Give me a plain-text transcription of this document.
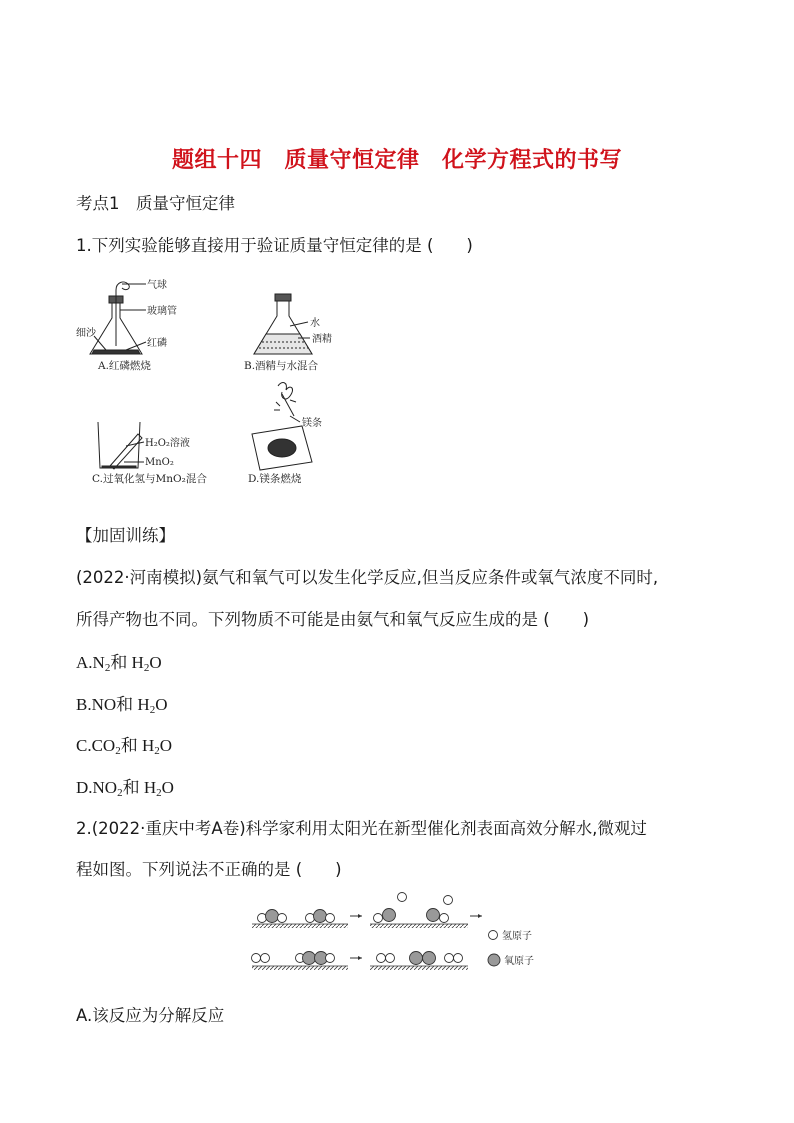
题组十四　质量守恒定律　化学方程式的书写
考点1　质量守恒定律
1.下列实验能够直接用于验证质量守恒定律的是 (　　)
气球
玻璃管
细沙
红磷
A.红磷燃烧
水
酒精
B.酒精与水混合
H₂O₂溶液
MnO₂
C.过氧化氢与MnO₂混合
镁条
D.镁条燃烧
【加固训练】
(2022·河南模拟)氨气和氧气可以发生化学反应,但当反应条件或氧气浓度不同时,
所得产物也不同。下列物质不可能是由氨气和氧气反应生成的是 (　　)
$A.N_2$和 $H_2O$
B.NO和 $H_2O$
$C.CO_2$和 $H_2O$
$D.NO_2$和 $H_2O$
2.(2022·重庆中考A卷)科学家利用太阳光在新型催化剂表面高效分解水,微观过
程如图。下列说法不正确的是 (　　)
氢原子
氧原子
A.该反应为分解反应
